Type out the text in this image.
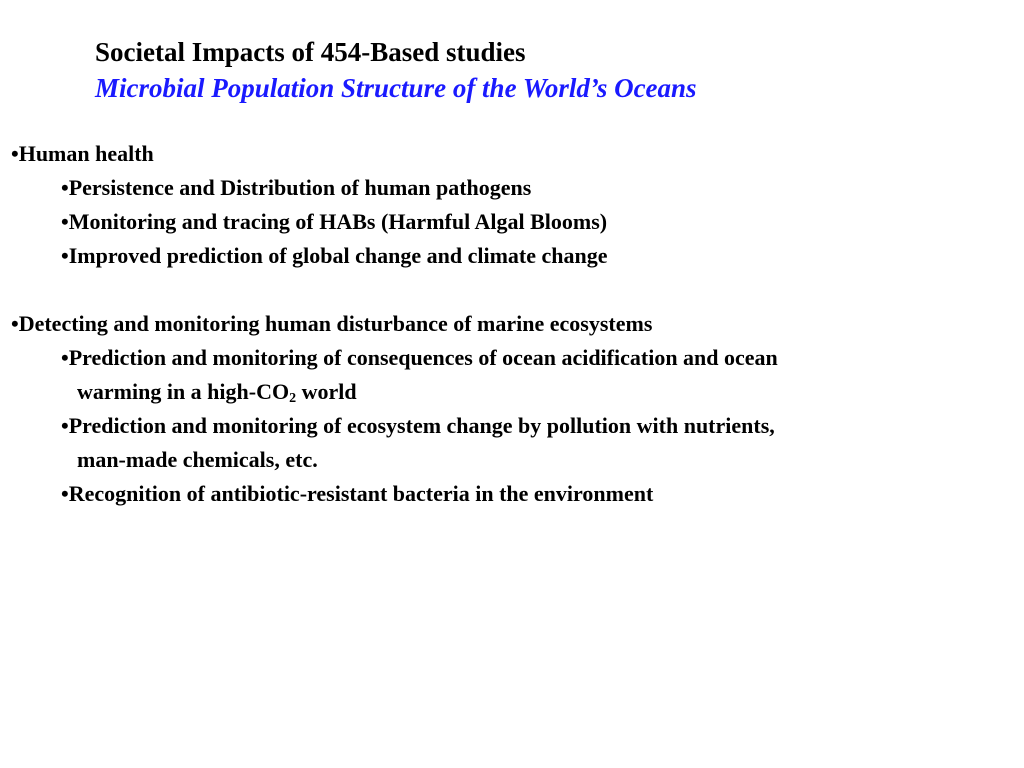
Societal Impacts of 454-Based studies
Microbial Population Structure of the World’s Oceans
•Human health
•Persistence and Distribution of human pathogens
•Monitoring and tracing of HABs (Harmful Algal Blooms)
•Improved prediction of global change and climate change
•Detecting and monitoring human disturbance of marine ecosystems
•Prediction and monitoring of consequences of ocean acidification and ocean
warming in a high-$CO_2$ world
•Prediction and monitoring of ecosystem change by pollution with nutrients,
man-made chemicals, etc.
•Recognition of antibiotic-resistant bacteria in the environment
